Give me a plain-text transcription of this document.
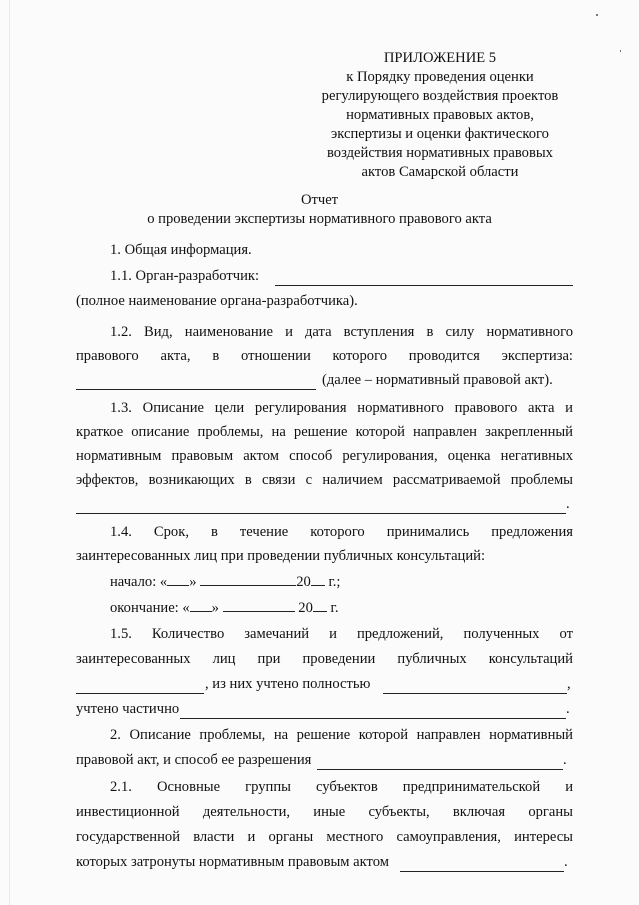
ПРИЛОЖЕНИЕ 5
к Порядку проведения оценки
регулирующего воздействия проектов
нормативных правовых актов,
экспертизы и оценки фактического
воздействия нормативных правовых
актов Самарской области
Отчет
о проведении экспертизы нормативного правового акта
1. Общая информация.
1.1. Орган-разработчик:
(полное наименование органа-разработчика).
1.2. Вид, наименование и дата вступления в силу нормативного
правового акта, в отношении которого проводится экспертиза:
(далее – нормативный правовой акт).
1.3. Описание цели регулирования нормативного правового акта и
краткое описание проблемы, на решение которой направлен закрепленный
нормативным правовым актом способ регулирования, оценка негативных
эффектов, возникающих в связи с наличием рассматриваемой проблемы
.
1.4. Срок, в течение которого принимались предложения
заинтересованных лиц при проведении публичных консультаций:
начало: « »	20 г.;
окончание: « »	20 г.
1.5. Количество замечаний и предложений, полученных от
заинтересованных лиц при проведении публичных консультаций
, из них учтено полностью	,
учтено частично	.
2. Описание проблемы, на решение которой направлен нормативный
правовой акт, и способ ее разрешения	.
2.1. Основные группы субъектов предпринимательской и
инвестиционной деятельности, иные субъекты, включая органы
государственной власти и органы местного самоуправления, интересы
которых затронуты нормативным правовым актом	.
